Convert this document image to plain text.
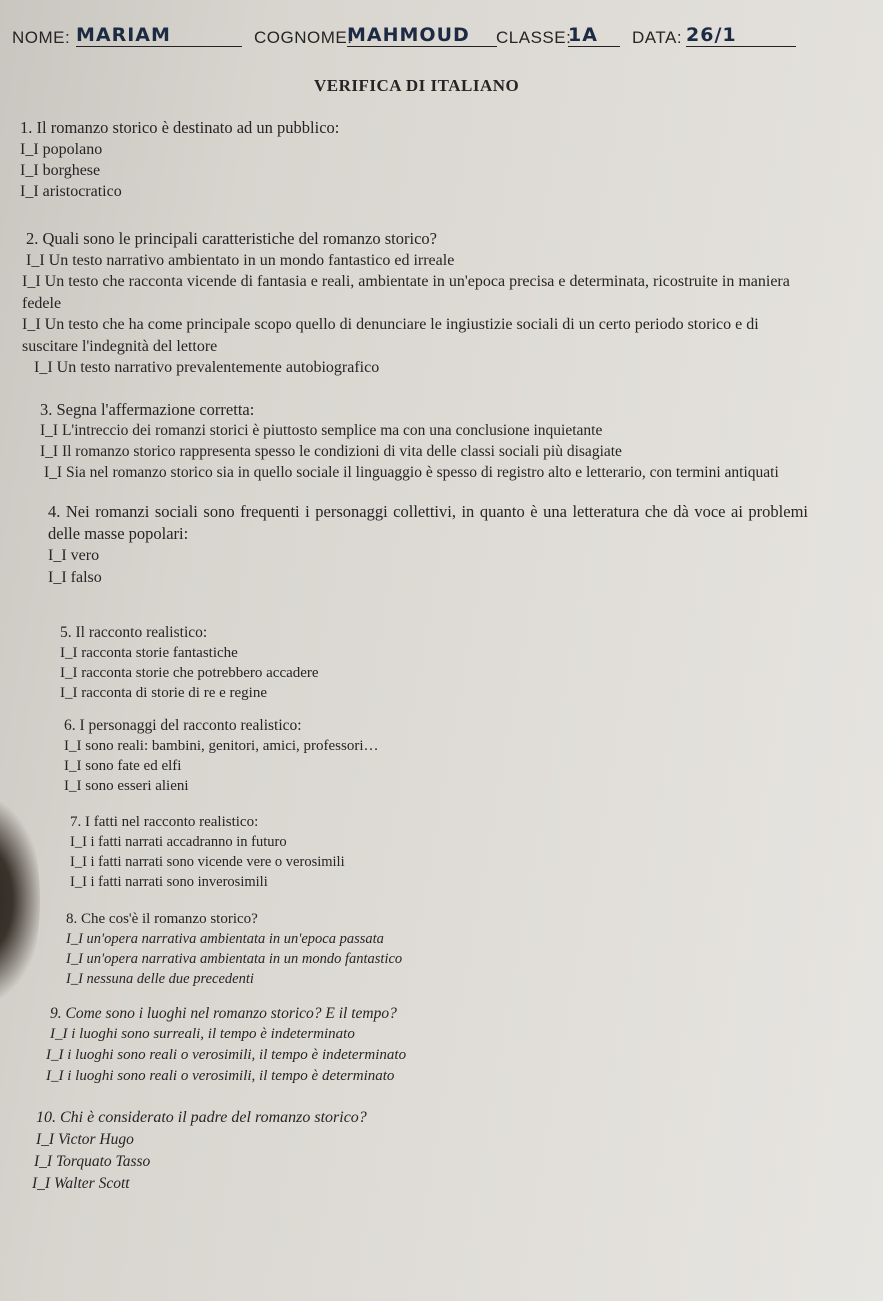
NOME: MARIAM	COGNOME:
MAHMOUD	CLASSE:
1A	DATA: 26/1
VERIFICA DI ITALIANO
1. Il romanzo storico è destinato ad un pubblico:
I_I popolano
I_I borghese
I_I aristocratico
2. Quali sono le principali caratteristiche del romanzo storico?
I_I Un testo narrativo ambientato in un mondo fantastico ed irreale
I_I Un testo che racconta vicende di fantasia e reali, ambientate in un'epoca precisa e determinata, ricostruite in maniera fedele
I_I Un testo che ha come principale scopo quello di denunciare le ingiustizie sociali di un certo periodo storico e di suscitare l'indegnità del lettore
I_I Un testo narrativo prevalentemente autobiografico
3. Segna l'affermazione corretta:
I_I L'intreccio dei romanzi storici è piuttosto semplice ma con una conclusione inquietante
I_I Il romanzo storico rappresenta spesso le condizioni di vita delle classi sociali più disagiate
I_I Sia nel romanzo storico sia in quello sociale il linguaggio è spesso di registro alto e letterario, con termini antiquati
4. Nei romanzi sociali sono frequenti i personaggi collettivi, in quanto è una letteratura che dà voce ai problemi delle masse popolari:
I_I vero
I_I falso
5. Il racconto realistico:
I_I racconta storie fantastiche
I_I racconta storie che potrebbero accadere
I_I racconta di storie di re e regine
6. I personaggi del racconto realistico:
I_I sono reali: bambini, genitori, amici, professori…
I_I sono fate ed elfi
I_I sono esseri alieni
7. I fatti nel racconto realistico:
I_I i fatti narrati accadranno in futuro
I_I i fatti narrati sono vicende vere o verosimili
I_I i fatti narrati sono inverosimili
8. Che cos'è il romanzo storico?
I_I un'opera narrativa ambientata in un'epoca passata
I_I un'opera narrativa ambientata in un mondo fantastico
I_I nessuna delle due precedenti
9. Come sono i luoghi nel romanzo storico? E il tempo?
I_I i luoghi sono surreali, il tempo è indeterminato
I_I i luoghi sono reali o verosimili, il tempo è indeterminato
I_I i luoghi sono reali o verosimili, il tempo è determinato
10. Chi è considerato il padre del romanzo storico?
I_I Victor Hugo
I_I Torquato Tasso
I_I Walter Scott
